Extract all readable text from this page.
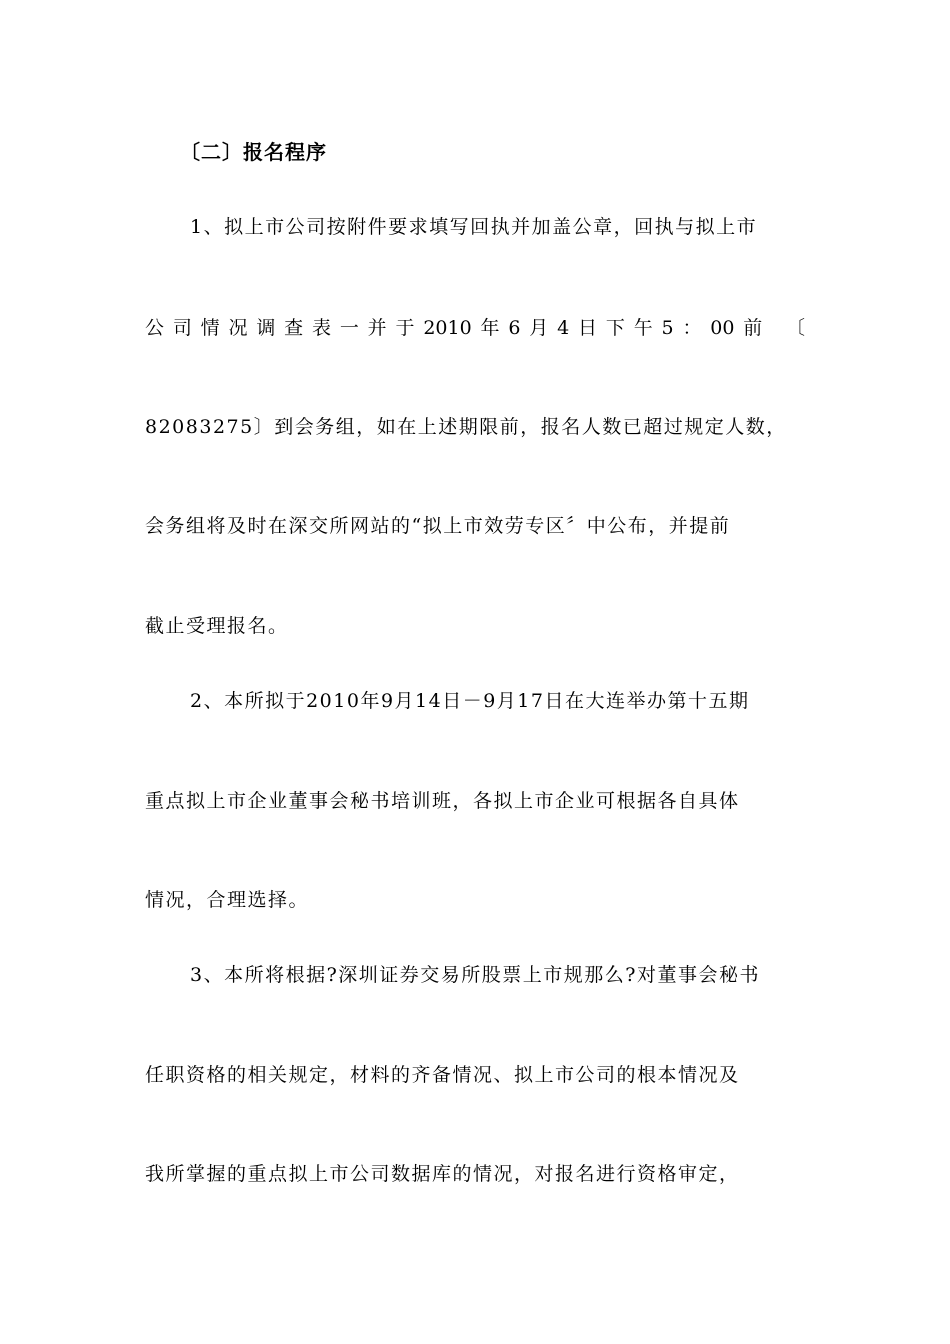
〔二〕报名程序
1、拟上市公司按附件要求填写回执并加盖公章，回执与拟上市
公司情况调查表一并于2010年6月4日下午5：00前 〔
82083275〕到会务组，如在上述期限前，报名人数已超过规定人数，
会务组将及时在深交所网站的“拟上市效劳专区〞中公布，并提前
截止受理报名。
2、本所拟于2010年9月14日－9月17日在大连举办第十五期
重点拟上市企业董事会秘书培训班，各拟上市企业可根据各自具体
情况，合理选择。
3、本所将根据?深圳证券交易所股票上市规那么?对董事会秘书
任职资格的相关规定，材料的齐备情况、拟上市公司的根本情况及
我所掌握的重点拟上市公司数据库的情况，对报名进行资格审定，
